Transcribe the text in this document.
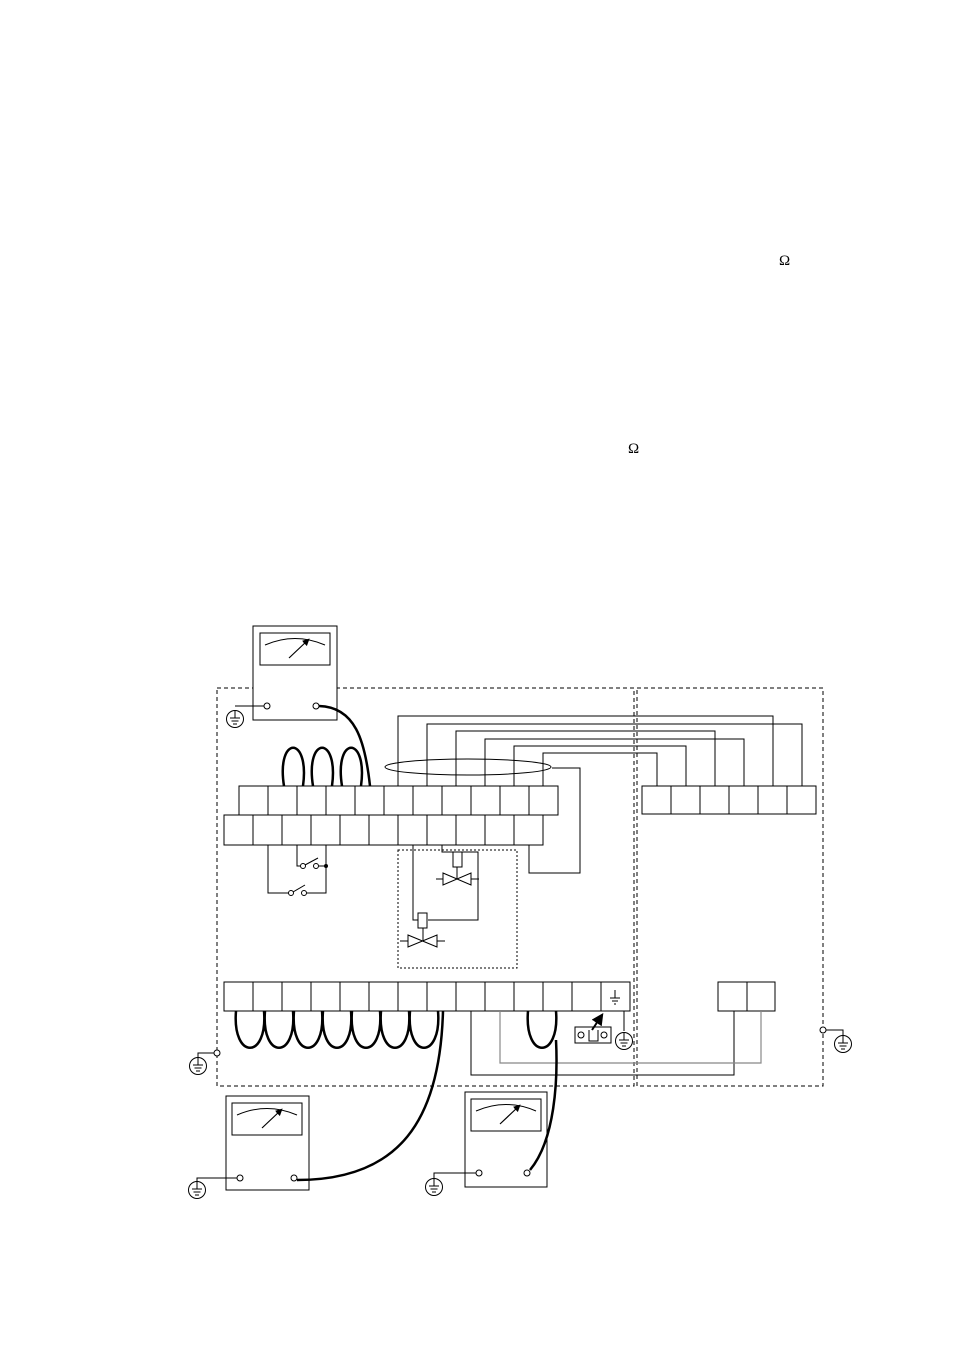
Ω
Ω
